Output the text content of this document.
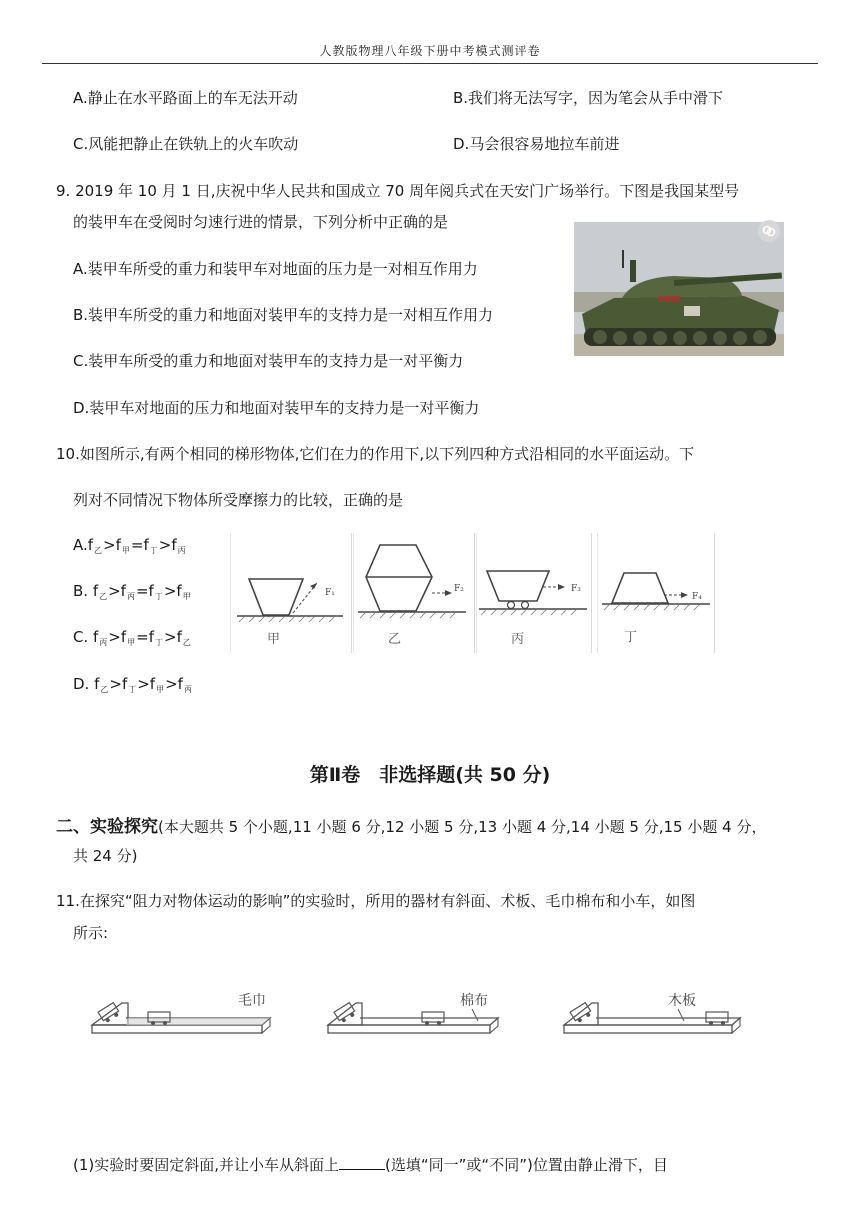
人教版物理八年级下册中考模式测评卷
A.静止在水平路面上的车无法开动	B.我们将无法写字，因为笔会从手中滑下
C.风能把静止在铁轨上的火车吹动	D.马会很容易地拉车前进
9. 2019 年 10 月 1 日,庆祝中华人民共和国成立 70 周年阅兵式在天安门广场举行。下图是我国某型号
的装甲车在受阅时匀速行进的情景，下列分析中正确的是
A.装甲车所受的重力和装甲车对地面的压力是一对相互作用力
B.装甲车所受的重力和地面对装甲车的支持力是一对相互作用力
C.装甲车所受的重力和地面对装甲车的支持力是一对平衡力
D.装甲车对地面的压力和地面对装甲车的支持力是一对平衡力
10.如图所示,有两个相同的梯形物体,它们在力的作用下,以下列四种方式沿相同的水平面运动。下
列对不同情况下物体所受摩擦力的比较，正确的是
$A.f_乙>f_甲=f_丁>f_丙$
B. $f_乙>f_丙=f_丁>f_甲$
C. $f_丙>f_甲=f_丁>f_乙$
D. $f_乙>f_丁>f_甲>f_丙$
F₁
甲
F₂
乙
F₃
丙
F₄
丁
第Ⅱ卷　非选择题(共 50 分)
二、实验探究(本大题共 5 个小题,11 小题 6 分,12 小题 5 分,13 小题 4 分,14 小题 5 分,15 小题 4 分，
共 24 分)
11.在探究“阻力对物体运动的影响”的实验时，所用的器材有斜面、术板、毛巾棉布和小车，如图
所示:
毛巾	棉布	木板
(1)实验时要固定斜面,并让小车从斜面上	(选填“同一”或“不同”)位置由静止滑下，目
